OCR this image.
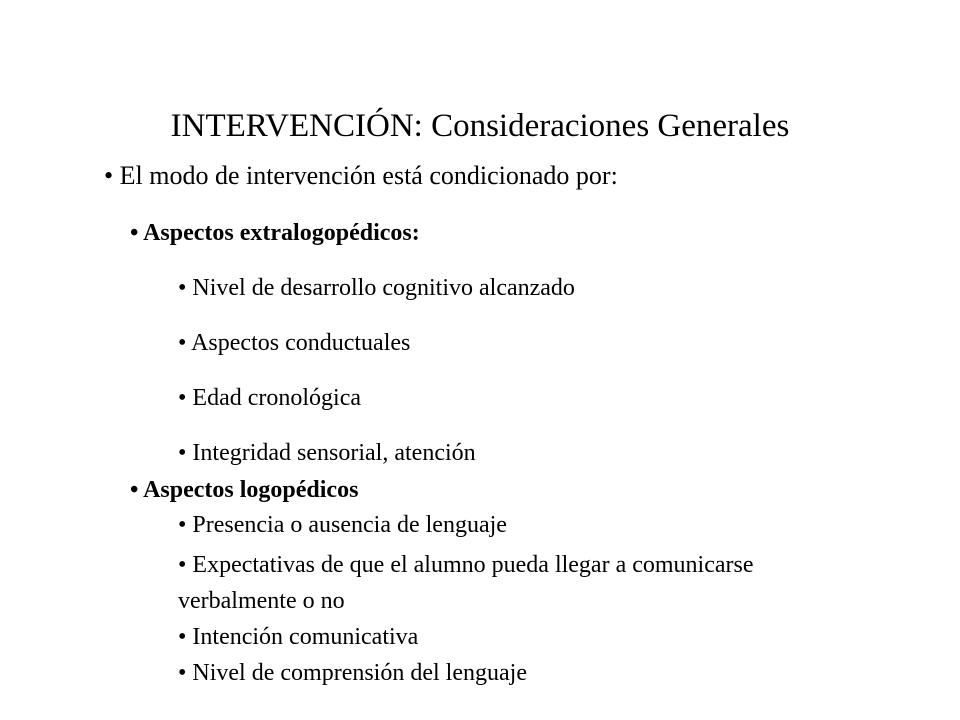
INTERVENCIÓN: Consideraciones Generales
• El modo de intervención está condicionado por:
• Aspectos extralogopédicos:
• Nivel de desarrollo cognitivo alcanzado
• Aspectos conductuales
• Edad cronológica
• Integridad sensorial, atención
• Aspectos logopédicos
• Presencia o ausencia de lenguaje
• Expectativas de que el alumno pueda llegar a comunicarse
verbalmente o no
• Intención comunicativa
• Nivel de comprensión del lenguaje
